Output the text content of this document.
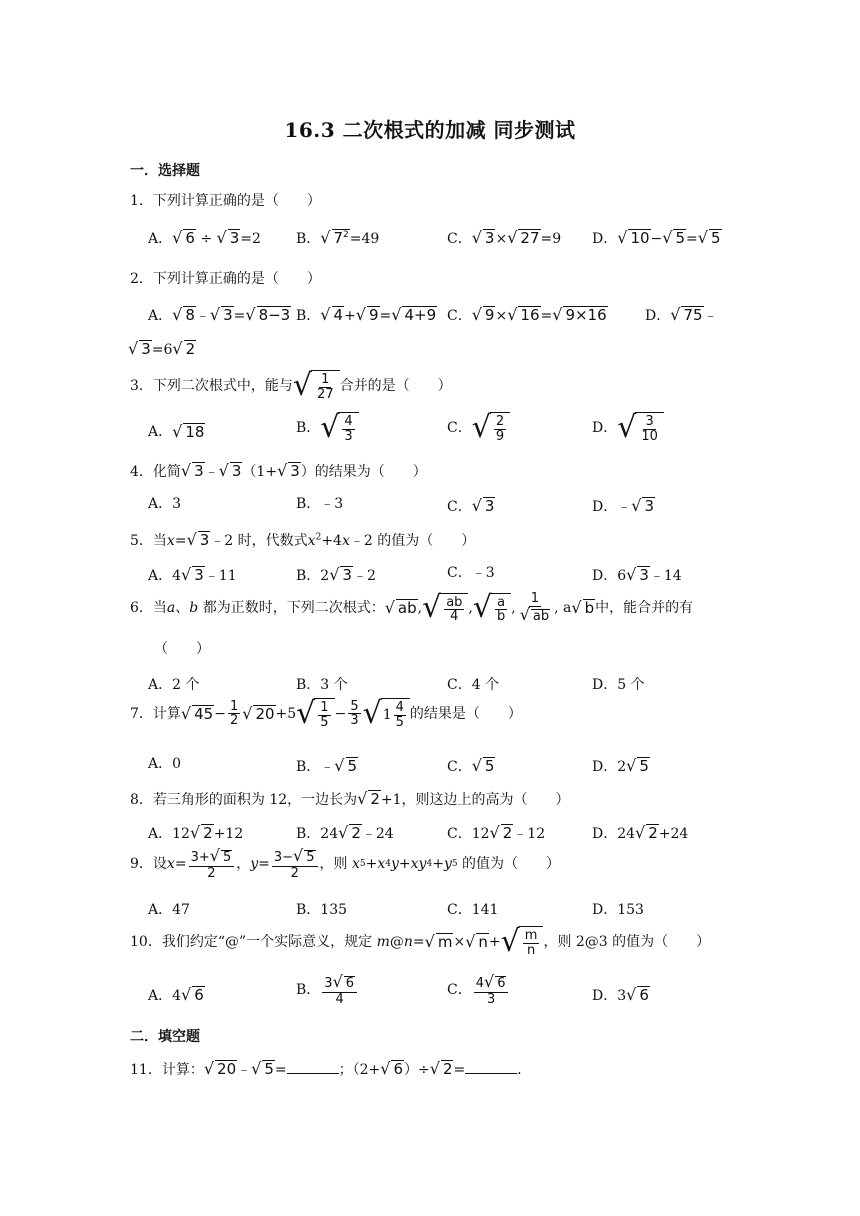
16.3 二次根式的加减 同步测试
一．选择题
1．下列计算正确的是（　　）
A．√ 6 ÷ √ 3=2	B．√ $7^2=49$	C．√ 3×√ 27=9 D．√ 10−√ 5=√ 5
2．下列计算正确的是（　　）
A．√ 8﹣√ 3=√ 8−3 B．√ 4+√ 9=√ 4+9 C．√ 9×√ 16=√ 9×16	D．√ 75﹣
√ 3=6√ 2
3．下列二次根式中，能与 √ $\frac{1}{27}$ 合并的是（　　）
A． √ 18	B． √ $\frac{4}{3}$	C． √ $\frac{2}{9}$	D． √ $\frac{3}{10}$
4．化简√ 3﹣√ 3（1+√ 3）的结果为（　　）
A．3	B．﹣3	C．√ 3	D．﹣√ 3
5．当x=√ 3﹣2 时，代数式$x^2+4x﹣2$ 的值为（　　）
A．4√ 3﹣11	B．2√ 3﹣2	C．﹣3	D．6√ 3﹣14
6．当 a 、 b
都为正数时，下列二次根式： √ ab , √ $\frac{ab}{4}$ , √ $\frac{a}{b}$ , $\frac{1}{√ ab}$ , a √ b 中，能合并的有
（　　）
A．2 个	B．3 个	C．4 个	D．5 个
7．计算 √ $45 - \frac{1}{2}$ √ 20 +5 √ $\frac{1}{5} - \frac{5}{3}$ √ $1 \frac{4}{5}$ 的结果是（　　）
A．0	B．﹣√ 5	C．√ 5	D．2√ 5
8．若三角形的面积为 12，一边长为√ 2+1，则这边上的高为（　　）
A．12√ 2+12	B．24√ 2﹣24	C．12√ 2﹣12	D．24√ 2+24
9．设 $x = \frac{3+√ 5}{2}$ ， $y = \frac{3-√ 5}{2}$ ，则 x 5 + x 4 y + xy 4 + y 5
的值为（　　）
A．47	B．135	C．141	D．153
10．我们约定“@”一个实际意义，规定
m @ n = √ m × √ n + √ $\frac{m}{n}$ ，则 2@3 的值为（　　）
A．4√ 6	B． $\frac{3√ 6}{4}$	C． $\frac{4√ 6}{3}$	D．3√ 6
二．填空题
11．计算：√ 20﹣√ 5=	；（2+√ 6）÷√ 2=	．
